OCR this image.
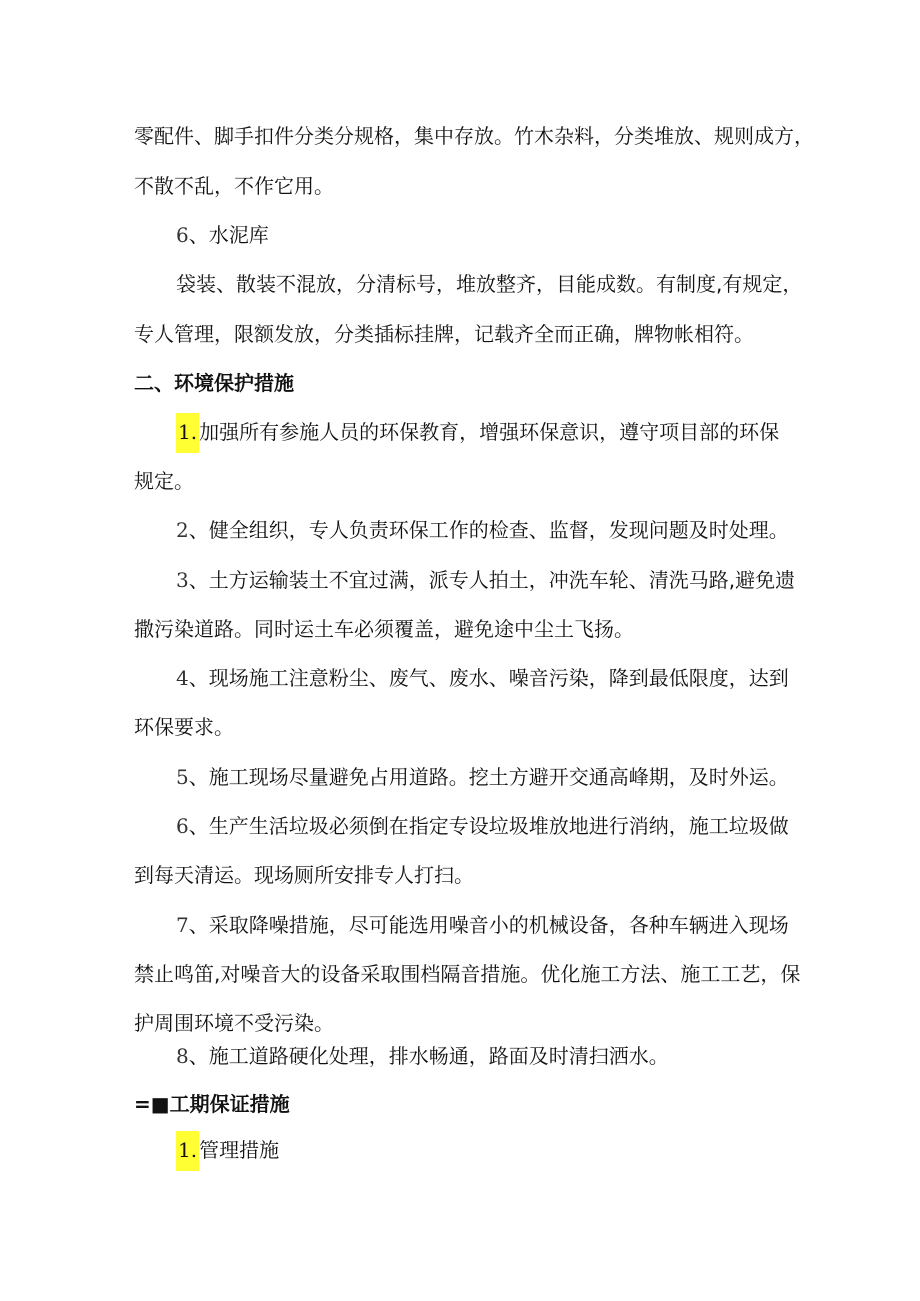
零配件、脚手扣件分类分规格，集中存放。竹木杂料，分类堆放、规则成方，
不散不乱，不作它用。
6、水泥库
袋装、散装不混放，分清标号，堆放整齐，目能成数。有制度,有规定，
专人管理，限额发放，分类插标挂牌，记载齐全而正确，牌物帐相符。
二、环境保护措施
1. 加强所有参施人员的环保教育，增强环保意识，遵守项目部的环保
规定。
2、健全组织，专人负责环保工作的检查、监督，发现问题及时处理。
3、土方运输装土不宜过满，派专人拍土，冲洗车轮、清洗马路,避免遗
撒污染道路。同时运土车必须覆盖，避免途中尘土飞扬。
4、现场施工注意粉尘、废气、废水、噪音污染，降到最低限度，达到
环保要求。
5、施工现场尽量避免占用道路。挖土方避开交通高峰期，及时外运。
6、生产生活垃圾必须倒在指定专设垃圾堆放地进行消纳，施工垃圾做
到每天清运。现场厕所安排专人打扫。
7、采取降噪措施，尽可能选用噪音小的机械设备，各种车辆进入现场
禁止鸣笛,对噪音大的设备采取围档隔音措施。优化施工方法、施工工艺，保
护周围环境不受污染。
8、施工道路硬化处理，排水畅通，路面及时清扫洒水。
=■工期保证措施
1. 管理措施
